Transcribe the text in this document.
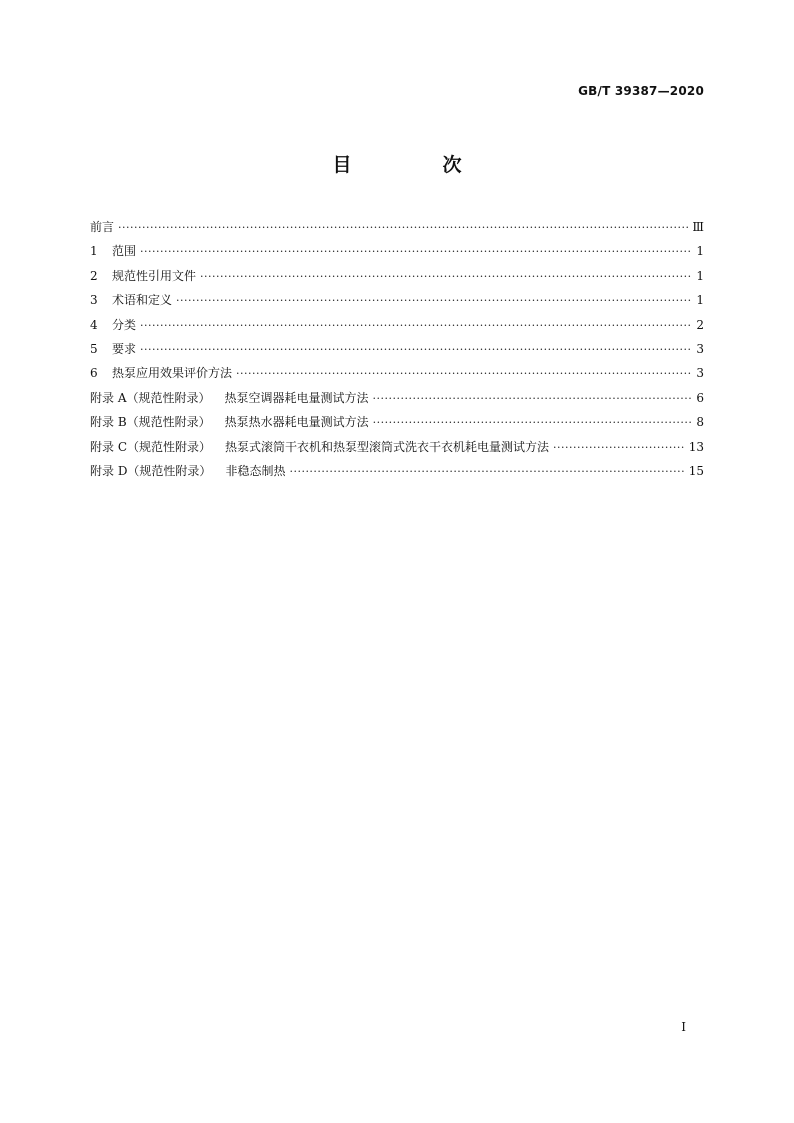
GB/T 39387—2020
目　次
前言 ·····	Ⅲ
1	范围 ·····	1
2	规范性引用文件 ·····	1
3	术语和定义 ·····	1
4	分类 ·····	2
5	要求 ·····	3
6	热泵应用效果评价方法 ·····	3
附录 A（规范性附录）	热泵空调器耗电量测试方法 ·····	6
附录 B（规范性附录）	热泵热水器耗电量测试方法 ·····	8
附录 C（规范性附录）	热泵式滚筒干衣机和热泵型滚筒式洗衣干衣机耗电量测试方法 ·····	13
附录 D（规范性附录）	非稳态制热 ·····	15
I
